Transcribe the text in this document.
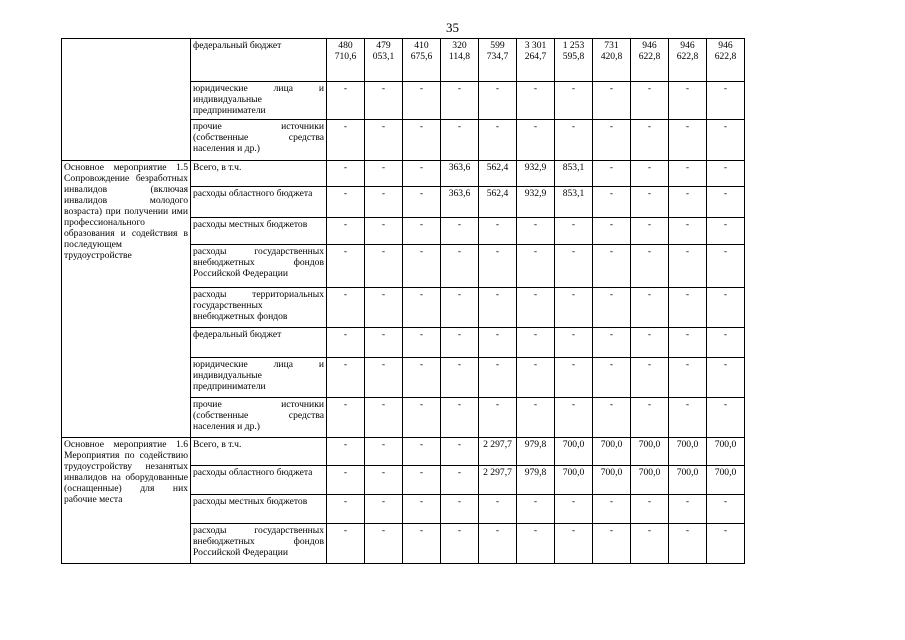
35
	федеральный бюджет	480 710,6	479 053,1	410 675,6	320 114,8	599 734,7	3 301 264,7	1 253 595,8	731 420,8	946 622,8	946 622,8	946 622,8
	юридические лица и индивидуальные предприниматели	-	-	-	-	-	-	-	-	-	-	-
	прочие источники (собственные средства населения и др.)	-	-	-	-	-	-	-	-	-	-	-
Основное мероприятие 1.5 Сопровождение безработных инвалидов (включая инвалидов молодого возраста) при получении ими профессионального образования и содействия в последующем трудоустройстве	Всего, в т.ч.	-	-	-	363,6	562,4	932,9	853,1	-	-	-	-
	расходы областного бюджета	-	-	-	363,6	562,4	932,9	853,1	-	-	-	-
	расходы местных бюджетов	-	-	-	-	-	-	-	-	-	-	-
	расходы государственных внебюджетных фондов Российской Федерации	-	-	-	-	-	-	-	-	-	-	-
	расходы территориальных государственных внебюджетных фондов	-	-	-	-	-	-	-	-	-	-	-
	федеральный бюджет	-	-	-	-	-	-	-	-	-	-	-
	юридические лица и индивидуальные предприниматели	-	-	-	-	-	-	-	-	-	-	-
	прочие источники (собственные средства населения и др.)	-	-	-	-	-	-	-	-	-	-	-
Основное мероприятие 1.6 Мероприятия по содействию трудоустройству незанятых инвалидов на оборудованные (оснащенные) для них рабочие места	Всего, в т.ч.	-	-	-	-	2 297,7	979,8	700,0	700,0	700,0	700,0	700,0
	расходы областного бюджета	-	-	-	-	2 297,7	979,8	700,0	700,0	700,0	700,0	700,0
	расходы местных бюджетов	-	-	-	-	-	-	-	-	-	-	-
	расходы государственных внебюджетных фондов Российской Федерации	-	-	-	-	-	-	-	-	-	-	-
